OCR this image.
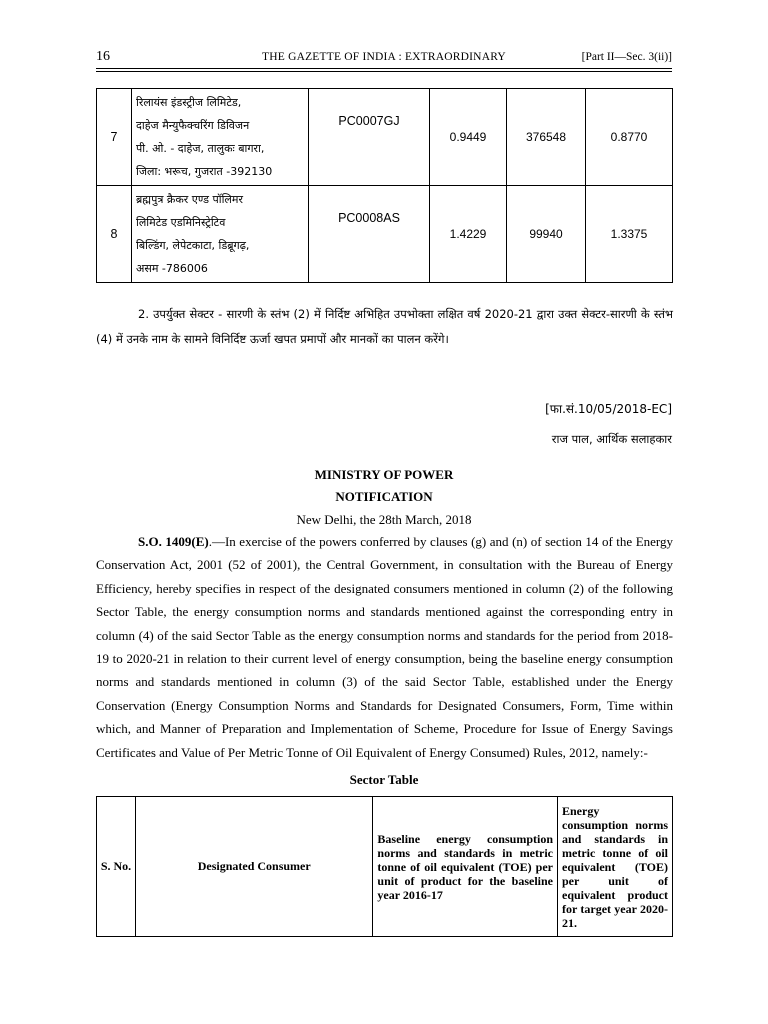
16	THE GAZETTE OF INDIA : EXTRAORDINARY	[Part II—Sec. 3(ii)]
7	रिलायंस इंडस्ट्रीज लिमिटेड,
दाहेज मैन्युफैक्चरिंग डिविजन
पी. ओ. - दाहेज, तालुकः बागरा,
जिला: भरूच, गुजरात -392130	PC0007GJ	0.9449	376548	0.8770
8	ब्रह्मपुत्र क्रैकर एण्ड पॉलिमर
लिमिटेड एडमिनिस्ट्रेटिव
बिल्डिंग, लेपेटकाटा, डिब्रूगढ़,
असम -786006	PC0008AS	1.4229	99940	1.3375
2. उपर्युक्त सेक्टर - सारणी के स्तंभ (2) में निर्दिष्ट अभिहित उपभोक्ता लक्षित वर्ष 2020-21 द्वारा उक्त सेक्टर-सारणी के स्तंभ (4) में उनके नाम के सामने विनिर्दिष्ट ऊर्जा खपत प्रमापों और मानकों का पालन करेंगे।
[फा.सं.10/05/2018-EC]
राज पाल, आर्थिक सलाहकार
MINISTRY OF POWER
NOTIFICATION
New Delhi, the 28th March, 2018
S.O. 1409(E).—In exercise of the powers conferred by clauses (g) and (n) of section 14 of the Energy Conservation Act, 2001 (52 of 2001), the Central Government, in consultation with the Bureau of Energy Efficiency, hereby specifies in respect of the designated consumers mentioned in column (2) of the following Sector Table, the energy consumption norms and standards mentioned against the corresponding entry in column (4) of the said Sector Table as the energy consumption norms and standards for the period from 2018-19 to 2020-21 in relation to their current level of energy consumption, being the baseline energy consumption norms and standards mentioned in column (3) of the said Sector Table, established under the Energy Conservation (Energy Consumption Norms and Standards for Designated Consumers, Form, Time within which, and Manner of Preparation and Implementation of Scheme, Procedure for Issue of Energy Savings Certificates and Value of Per Metric Tonne of Oil Equivalent of Energy Consumed) Rules, 2012, namely:-
Sector Table
S. No.	Designated Consumer	Baseline energy consumption norms and standards in metric tonne of oil equivalent (TOE) per unit of product for the baseline year 2016-17	Energy consumption norms and standards in metric tonne of oil equivalent (TOE) per unit of equivalent product for target year 2020-21.
